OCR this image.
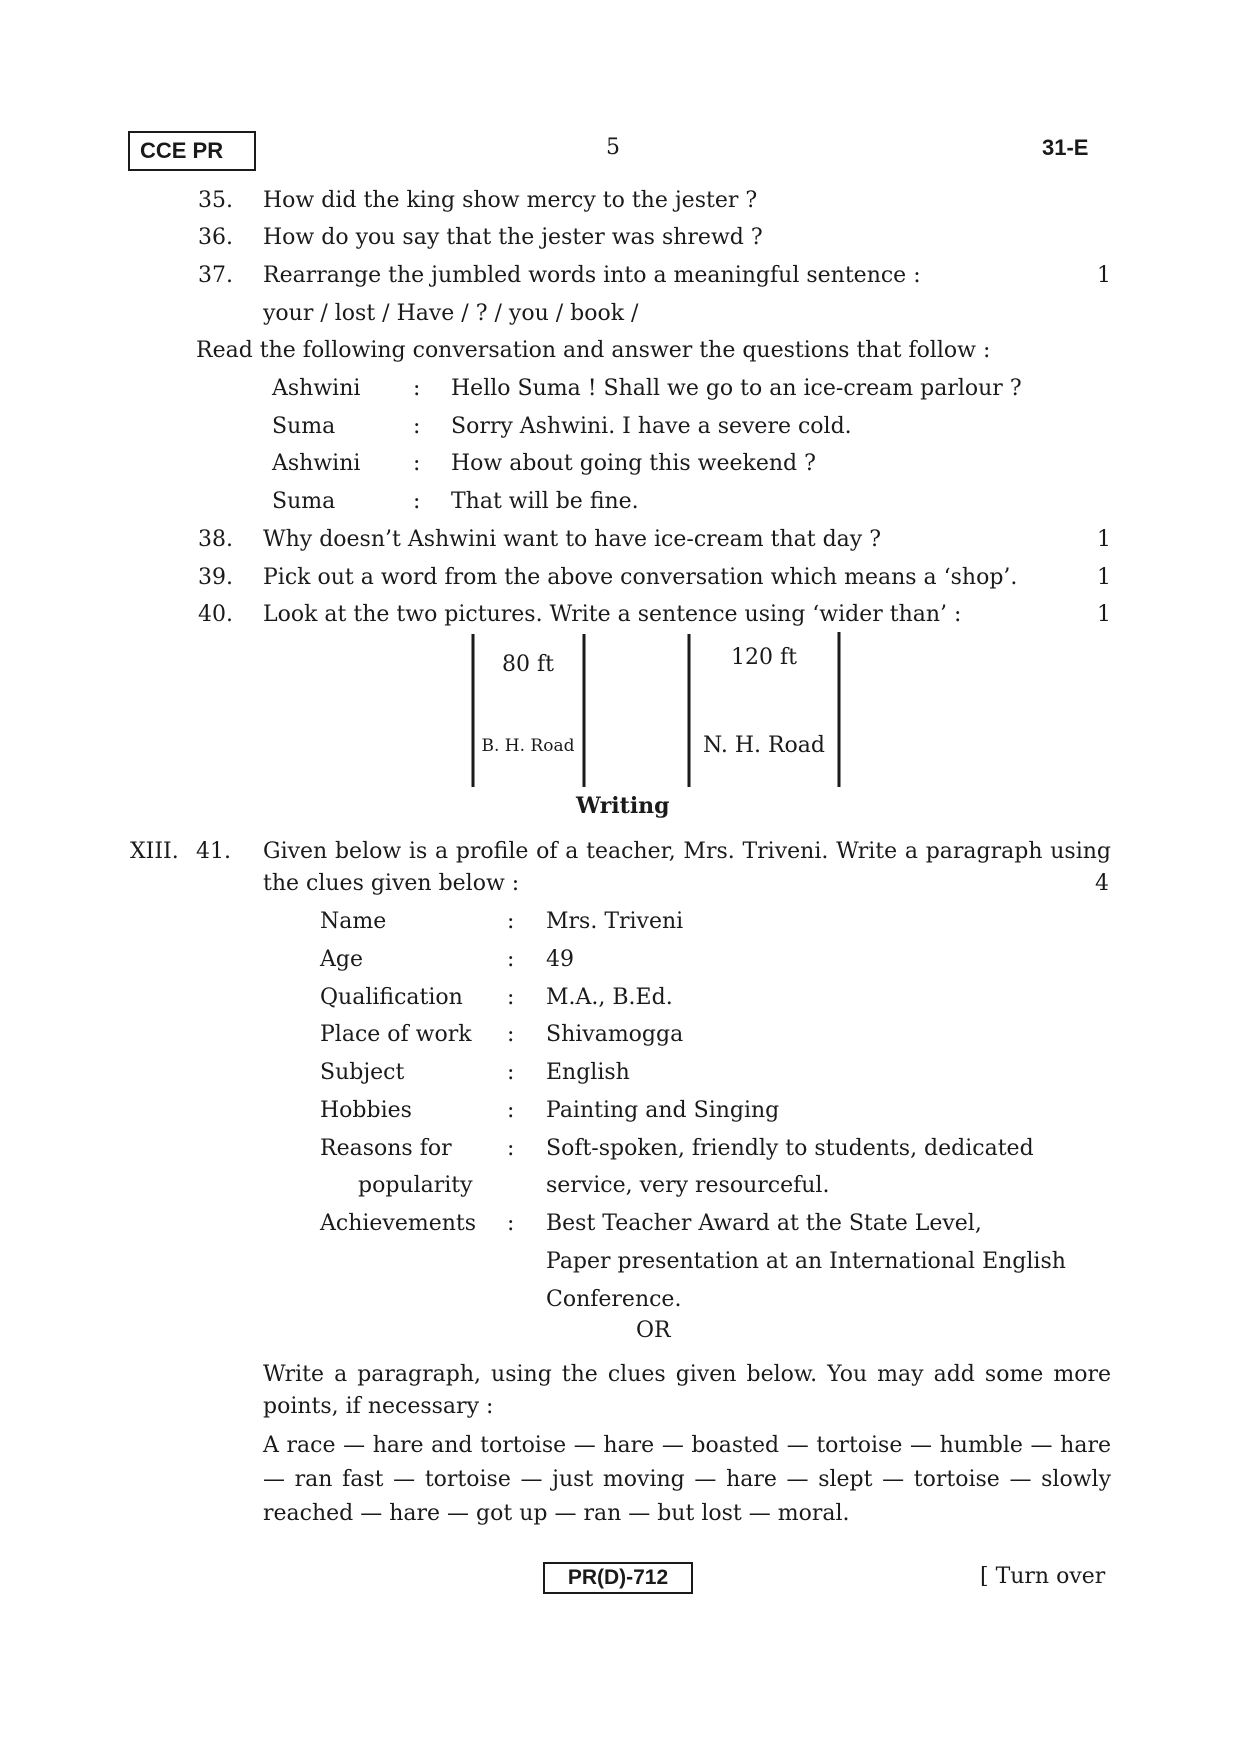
CCE PR	5	31-E
35. How did the king show mercy to the jester ?
36. How do you say that the jester was shrewd ?
37. Rearrange the jumbled words into a meaningful sentence :	1
your / lost / Have / ? / you / book /
Read the following conversation and answer the questions that follow :
Ashwini : Hello Suma ! Shall we go to an ice-cream parlour ?
Suma	: Sorry Ashwini. I have a severe cold.
Ashwini : How about going this weekend ?
Suma	: That will be fine.
38. Why doesn’t Ashwini want to have ice-cream that day ?	1
39. Pick out a word from the above conversation which means a ‘shop’.	1
40. Look at the two pictures. Write a sentence using ‘wider than’ :	1
80 ft
B. H. Road
120 ft
N. H. Road
Writing
XIII. 41. Given below is a profile of a teacher, Mrs. Triveni. Write a paragraph using
the clues given below :	4
Name	: Mrs. Triveni
Age	: 49
Qualification : M.A., B.Ed.
Place of work : Shivamogga
Subject	: English
Hobbies	: Painting and Singing
Reasons for
popularity
: Soft-spoken, friendly to students, dedicated
service, very resourceful.
Achievements : Best Teacher Award at the State Level,
Paper presentation at an International English
Conference.
OR
Write a paragraph, using the clues given below. You may add some more
points, if necessary :
A race — hare and tortoise — hare — boasted — tortoise — humble — hare
— ran fast — tortoise — just moving — hare — slept — tortoise — slowly
reached — hare — got up — ran — but lost — moral.
PR(D)-712	[ Turn over
